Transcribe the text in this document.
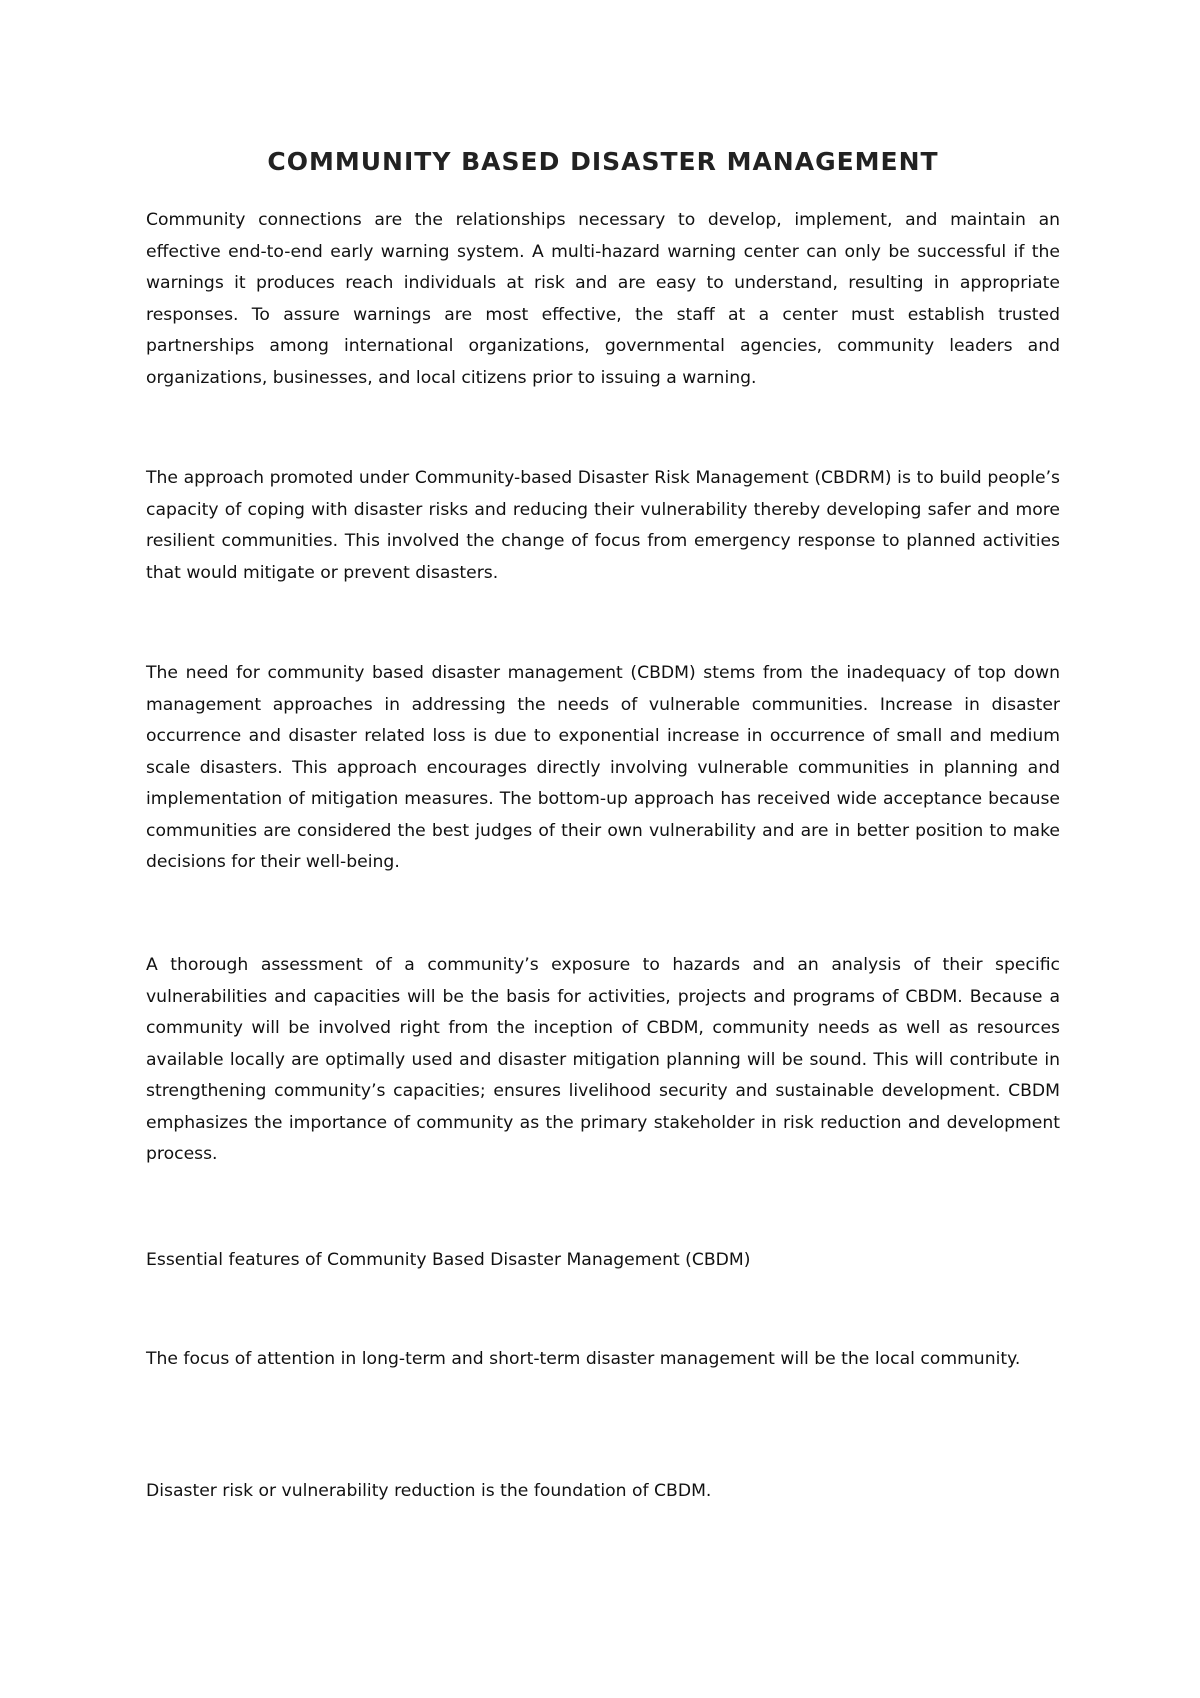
COMMUNITY BASED DISASTER MANAGEMENT

Community connections are the relationships necessary to develop, implement, and maintain an effective end-to-end early warning system. A multi-hazard warning center can only be successful if the warnings it produces reach individuals at risk and are easy to understand, resulting in appropriate responses. To assure warnings are most effective, the staff at a center must establish trusted partnerships among international organizations, governmental agencies, community leaders and organizations, businesses, and local citizens prior to issuing a warning.

The approach promoted under Community-based Disaster Risk Management (CBDRM) is to build people’s capacity of coping with disaster risks and reducing their vulnerability thereby developing safer and more resilient communities. This involved the change of focus from emergency response to planned activities that would mitigate or prevent disasters.

The need for community based disaster management (CBDM) stems from the inadequacy of top down management approaches in addressing the needs of vulnerable communities. Increase in disaster occurrence and disaster related loss is due to exponential increase in occurrence of small and medium scale disasters. This approach encourages directly involving vulnerable communities in planning and implementation of mitigation measures. The bottom-up approach has received wide acceptance because communities are considered the best judges of their own vulnerability and are in better position to make decisions for their well-being.

A thorough assessment of a community’s exposure to hazards and an analysis of their specific vulnerabilities and capacities will be the basis for activities, projects and programs of CBDM. Because a community will be involved right from the inception of CBDM, community needs as well as resources available locally are optimally used and disaster mitigation planning will be sound. This will contribute in strengthening community’s capacities; ensures livelihood security and sustainable development. CBDM emphasizes the importance of community as the primary stakeholder in risk reduction and development process.

Essential features of Community Based Disaster Management (CBDM)

The focus of attention in long-term and short-term disaster management will be the local community.

Disaster risk or vulnerability reduction is the foundation of CBDM.
